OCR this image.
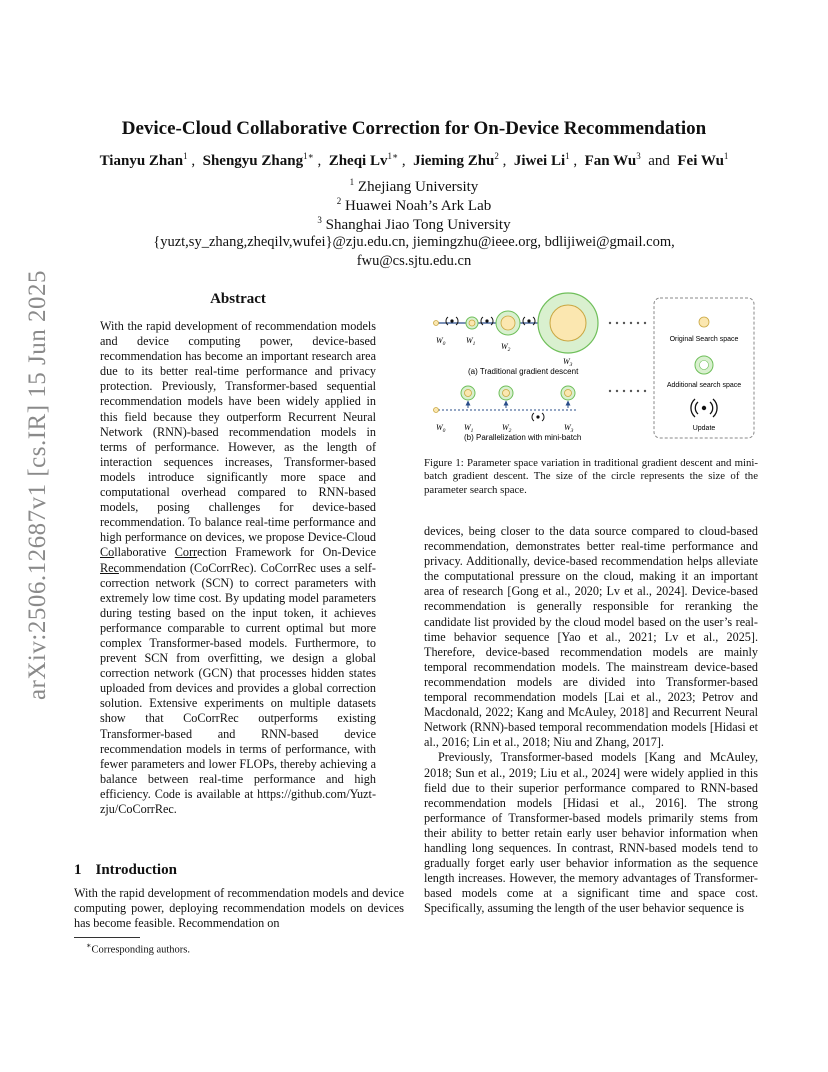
arXiv:2506.12687v1 [cs.IR] 15 Jun 2025
Device-Cloud Collaborative Correction for On-Device Recommendation
Tianyu Zhan$^1$ ,  Shengyu Zhang$^{1∗}$ ,  Zheqi $Lv^{1∗}$ ,  Jieming Zhu$^2$ ,  Jiwei Li$^1$ ,  Fan Wu$^3$ and Fei Wu$^1$
$^1$ Zhejiang University
$^2$ Huawei Noah’s Ark Lab
$^3$ Shanghai Jiao Tong University
{yuzt,sy_zhang,zheqilv,wufei}@zju.edu.cn, jiemingzhu@ieee.org, bdlijiwei@gmail.com,
fwu@cs.sjtu.edu.cn
Abstract

With the rapid development of recommendation models and device computing power, device-based recommendation has become an important research area due to its better real-time performance and privacy protection. Previously, Transformer-based sequential recommendation models have been widely applied in this field because they outperform Recurrent Neural Network (RNN)-based recommendation models in terms of performance. However, as the length of interaction sequences increases, Transformer-based models introduce significantly more space and computational overhead compared to RNN-based models, posing challenges for device-based recommendation. To balance real-time performance and high performance on devices, we propose Device-Cloud Collaborative Correction Framework for On-Device Recommendation (CoCorrRec). CoCorrRec uses a self-correction network (SCN) to correct parameters with extremely low time cost. By updating model parameters during testing based on the input token, it achieves performance comparable to current optimal but more complex Transformer-based models. Furthermore, to prevent SCN from overfitting, we design a global correction network (GCN) that processes hidden states uploaded from devices and provides a global correction solution. Extensive experiments on multiple datasets show that CoCorrRec outperforms existing Transformer-based and RNN-based device recommendation models in terms of performance, with fewer parameters and lower FLOPs, thereby achieving a balance between real-time performance and high efficiency. Code is available at https://github.com/Yuzt-zju/CoCorrRec.

1 Introduction

With the rapid development of recommendation models and device computing power, deploying recommendation models on devices has become feasible. Recommendation on

∗Corresponding authors.
$W_0$	$W_1$	$W_2$
$W_3$
(a) Traditional gradient descent
$W_0$ $W_1$	$W_2$	$W_3$
(b) Parallelization with mini-batch
Original Search space
Additional search space
Update

Figure 1: Parameter space variation in traditional gradient descent and mini-batch gradient descent. The size of the circle represents the size of the parameter search space.

devices, being closer to the data source compared to cloud-based recommendation, demonstrates better real-time performance and privacy. Additionally, device-based recommendation helps alleviate the computational pressure on the cloud, making it an important area of research [Gong et al., 2020; Lv et al., 2024]. Device-based recommendation is generally responsible for reranking the candidate list provided by the cloud model based on the user’s real-time behavior sequence [Yao et al., 2021; Lv et al., 2025]. Therefore, device-based recommendation models are mainly temporal recommendation models. The mainstream device-based recommendation models are divided into Transformer-based temporal recommendation models [Lai et al., 2023; Petrov and Macdonald, 2022; Kang and McAuley, 2018] and Recurrent Neural Network (RNN)-based temporal recommendation models [Hidasi et al., 2016; Lin et al., 2018; Niu and Zhang, 2017].

Previously, Transformer-based models [Kang and McAuley, 2018; Sun et al., 2019; Liu et al., 2024] were widely applied in this field due to their superior performance compared to RNN-based recommendation models [Hidasi et al., 2016]. The strong performance of Transformer-based models primarily stems from their ability to better retain early user behavior information when handling long sequences. In contrast, RNN-based models tend to gradually forget early user behavior information as the sequence length increases. However, the memory advantages of Transformer-based models come at a significant time and space cost. Specifically, assuming the length of the user behavior sequence is
